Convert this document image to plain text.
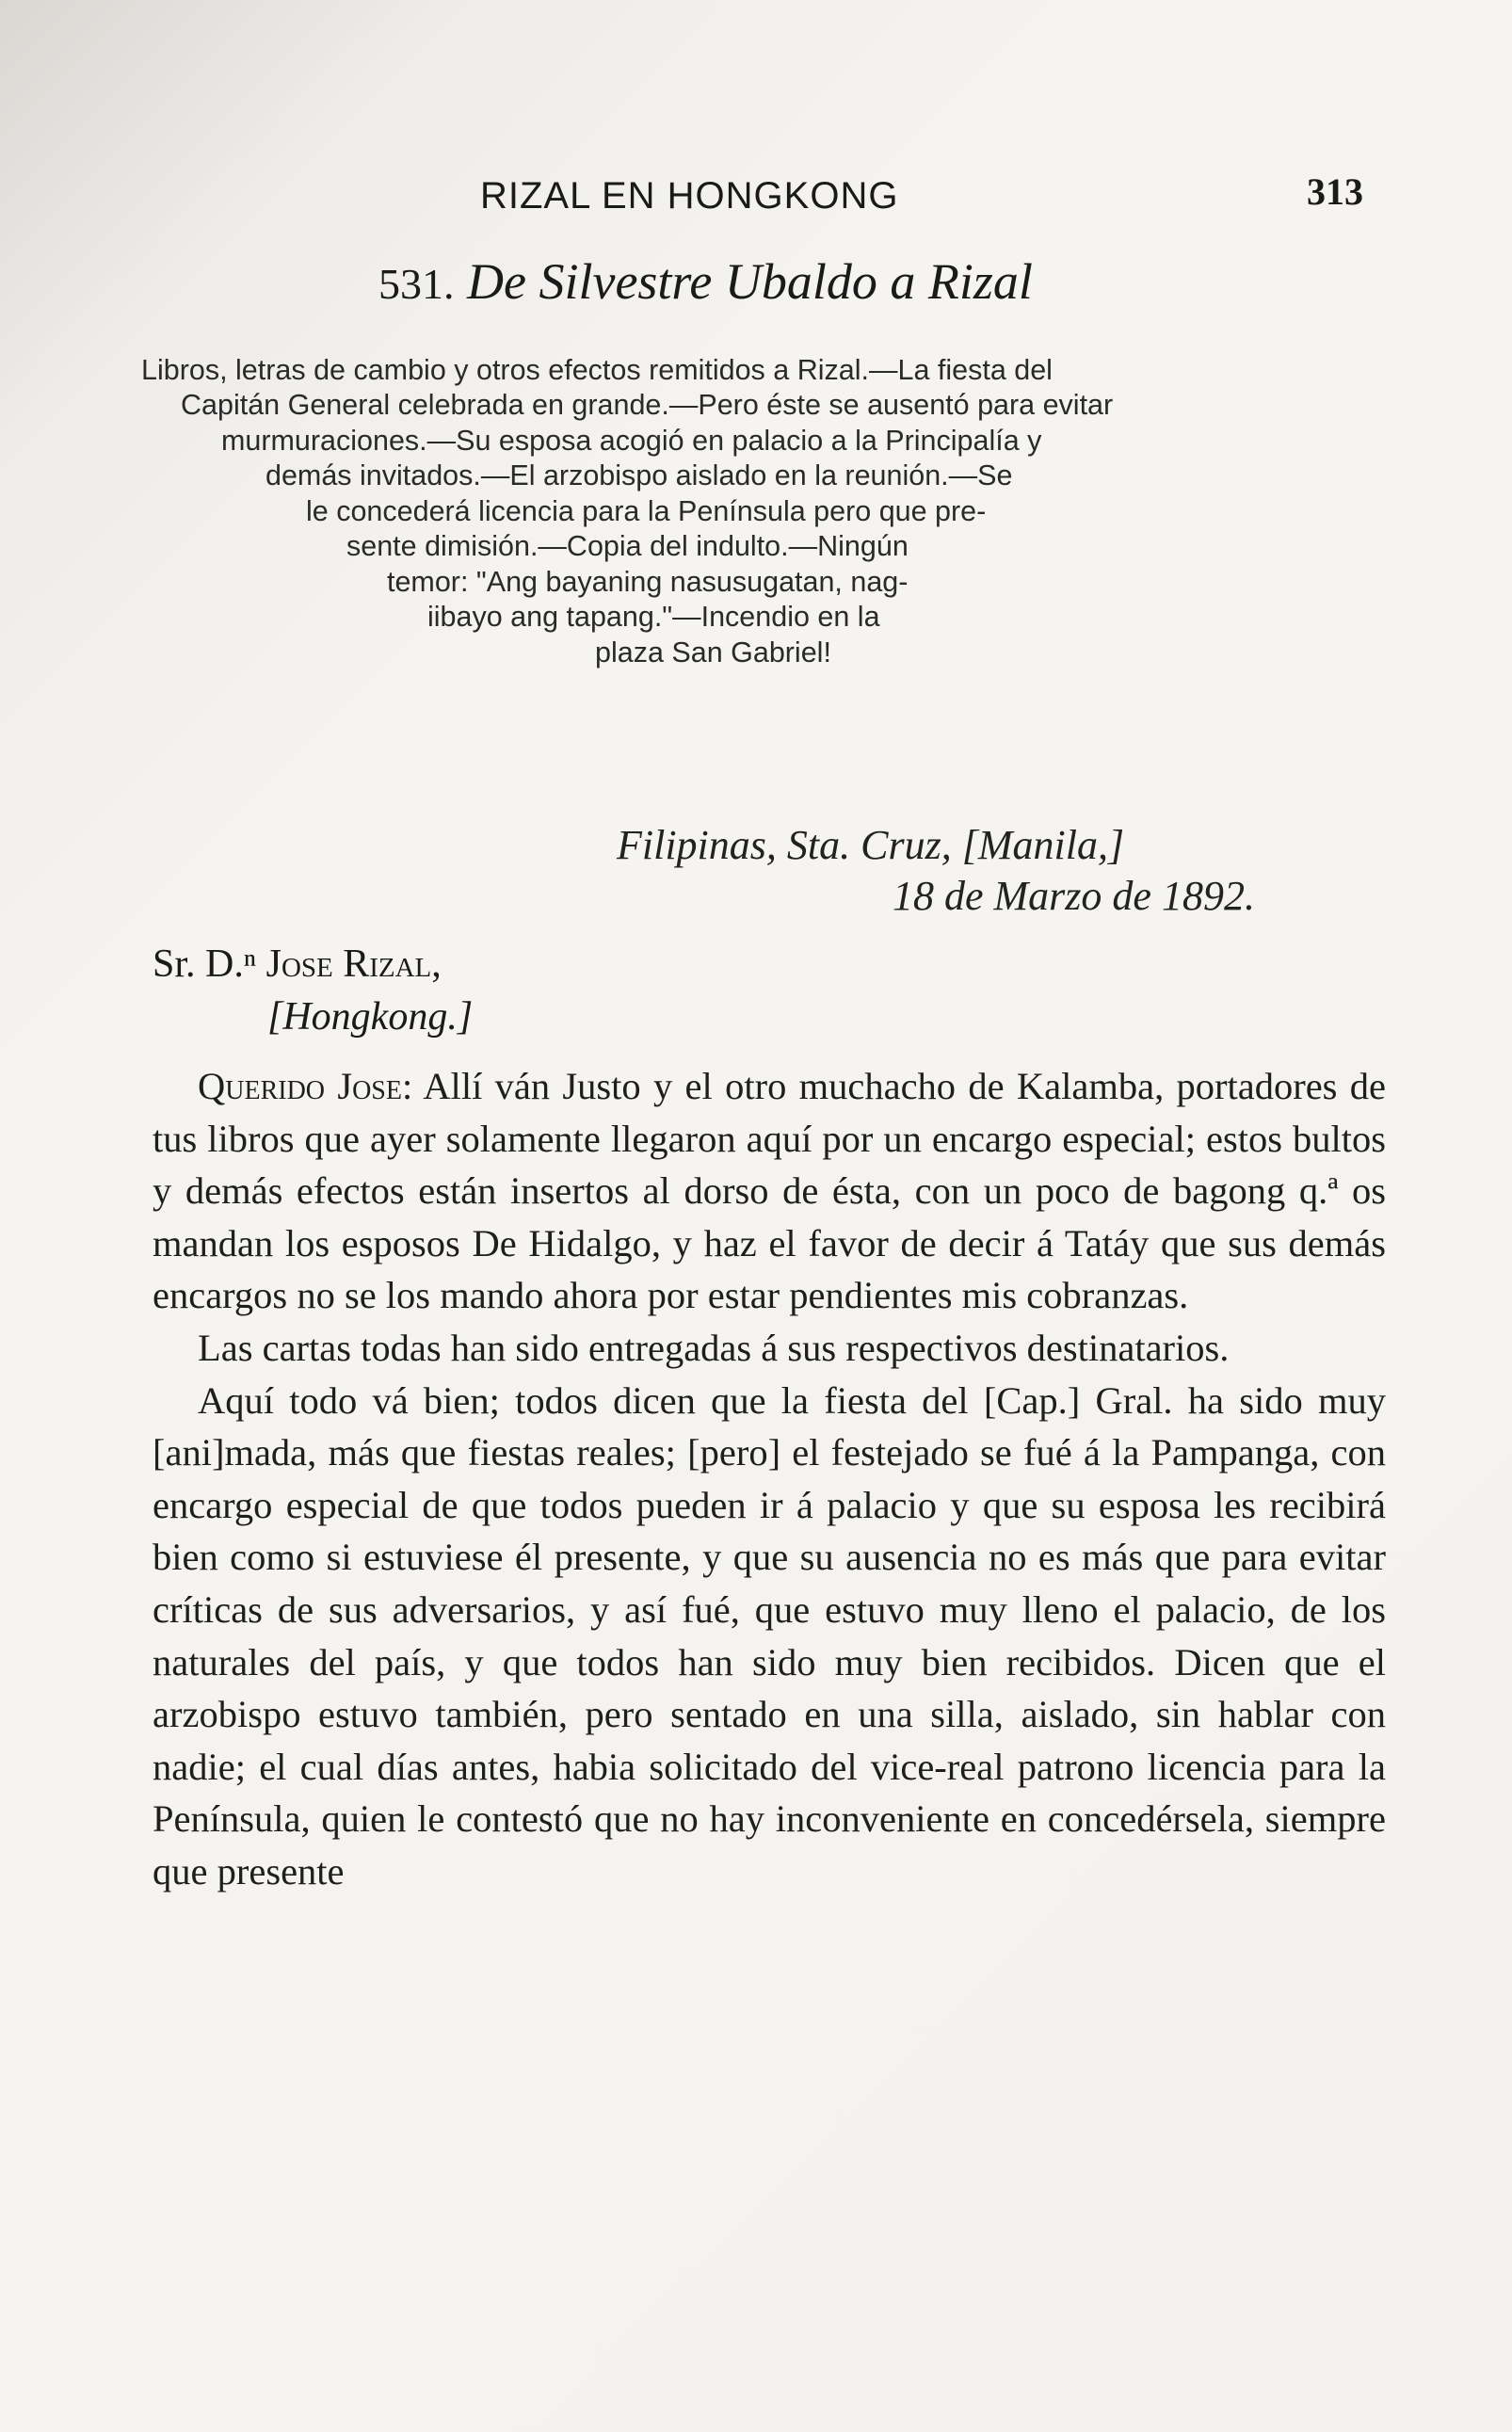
RIZAL EN HONGKONG	313
531. De Silvestre Ubaldo a Rizal
Libros, letras de cambio y otros efectos remitidos a Rizal.—La fiesta del
Capitán General celebrada en grande.—Pero éste se ausentó para evitar
murmuraciones.—Su esposa acogió en palacio a la Principalía y
demás invitados.—El arzobispo aislado en la reunión.—Se
le concederá licencia para la Península pero que pre-
sente dimisión.—Copia del indulto.—Ningún
temor: "Ang bayaning nasusugatan, nag-
iibayo ang tapang."—Incendio en la
plaza San Gabriel!
Filipinas, Sta. Cruz, [Manila,]
18 de Marzo de 1892.
Sr. D.ⁿ Jose Rizal,
[Hongkong.]

Querido Jose: Allí ván Justo y el otro muchacho de Kalamba, portadores de tus libros que ayer solamente llegaron aquí por un encargo especial; estos bultos y demás efectos están insertos al dorso de ésta, con un poco de bagong q.ª os mandan los esposos De Hidalgo, y haz el favor de decir á Tatáy que sus demás encargos no se los mando ahora por estar pendientes mis cobranzas.

Las cartas todas han sido entregadas á sus respectivos destinatarios.

Aquí todo vá bien; todos dicen que la fiesta del [Cap.] Gral. ha sido muy [ani]mada, más que fiestas reales; [pero] el festejado se fué á la Pampanga, con encargo especial de que todos pueden ir á palacio y que su esposa les recibirá bien como si estuviese él presente, y que su ausencia no es más que para evitar críticas de sus adversarios, y así fué, que estuvo muy lleno el palacio, de los naturales del país, y que todos han sido muy bien recibidos. Dicen que el arzobispo estuvo también, pero sentado en una silla, aislado, sin hablar con nadie; el cual días antes, habia solicitado del vice-real patrono licencia para la Península, quien le contestó que no hay inconveniente en concedérsela, siempre que presente
